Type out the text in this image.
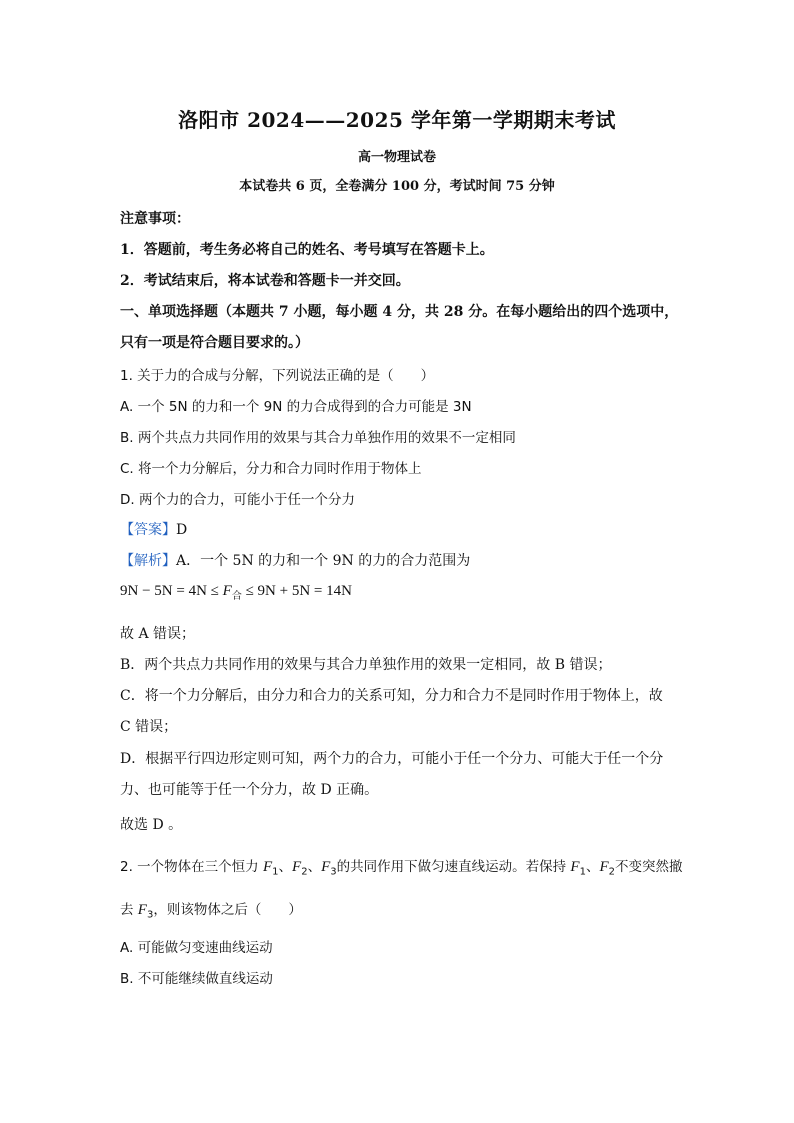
洛阳市 2024——2025 学年第一学期期末考试
高一物理试卷
本试卷共 6 页，全卷满分 100 分，考试时间 75 分钟
注意事项：
1．答题前，考生务必将自己的姓名、考号填写在答题卡上。
2．考试结束后，将本试卷和答题卡一并交回。
一、单项选择题（本题共 7 小题，每小题 4 分，共 28 分。在每小题给出的四个选项中，
只有一项是符合题目要求的。）
1. 关于力的合成与分解，下列说法正确的是（　　）
A. 一个 5N 的力和一个 9N 的力合成得到的合力可能是 3N
B. 两个共点力共同作用的效果与其合力单独作用的效果不一定相同
C. 将一个力分解后，分力和合力同时作用于物体上
D. 两个力的合力，可能小于任一个分力
【答案】D
【解析】A．一个 5N 的力和一个 9N 的力的合力范围为
$9N - 5N = 4N \le F_合 \le 9N + 5N = 14N$
故 A 错误；
B．两个共点力共同作用的效果与其合力单独作用的效果一定相同，故 B 错误；
C．将一个力分解后，由分力和合力的关系可知，分力和合力不是同时作用于物体上，故
C 错误；
D．根据平行四边形定则可知，两个力的合力，可能小于任一个分力、可能大于任一个分
力、也可能等于任一个分力，故 D 正确。
故选 D 。
2. 一个物体在三个恒力 $F_1$、$F_2$、$F_3$的共同作用下做匀速直线运动。若保持 $F_1$、$F_2$不变突然撤
去 $F_3$，则该物体之后（　　）
A. 可能做匀变速曲线运动
B. 不可能继续做直线运动
